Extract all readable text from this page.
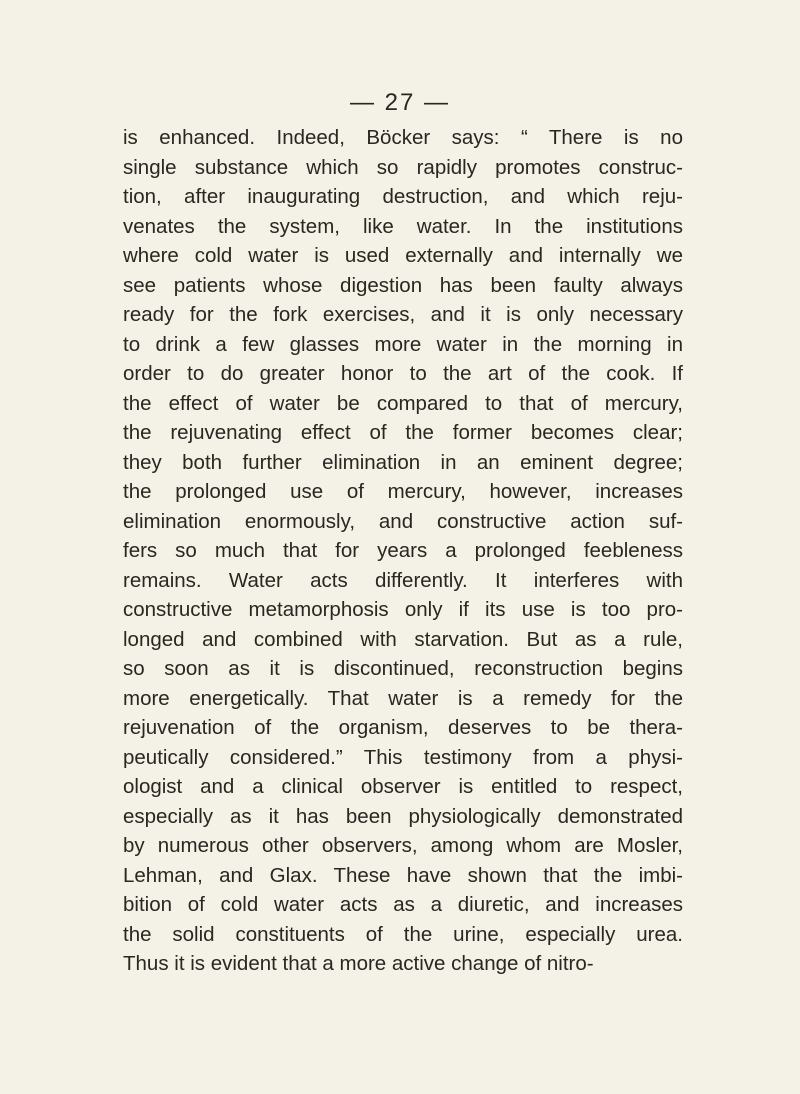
— 27 —
is enhanced. Indeed, Böcker says: “ There is no
single substance which so rapidly promotes construc-
tion, after inaugurating destruction, and which reju-
venates the system, like water. In the institutions
where cold water is used externally and internally we
see patients whose digestion has been faulty always
ready for the fork exercises, and it is only necessary
to drink a few glasses more water in the morning in
order to do greater honor to the art of the cook. If
the effect of water be compared to that of mercury,
the rejuvenating effect of the former becomes clear;
they both further elimination in an eminent degree;
the prolonged use of mercury, however, increases
elimination enormously, and constructive action suf-
fers so much that for years a prolonged feebleness
remains. Water acts differently. It interferes with
constructive metamorphosis only if its use is too pro-
longed and combined with starvation. But as a rule,
so soon as it is discontinued, reconstruction begins
more energetically. That water is a remedy for the
rejuvenation of the organism, deserves to be thera-
peutically considered.” This testimony from a physi-
ologist and a clinical observer is entitled to respect,
especially as it has been physiologically demonstrated
by numerous other observers, among whom are Mosler,
Lehman, and Glax. These have shown that the imbi-
bition of cold water acts as a diuretic, and increases
the solid constituents of the urine, especially urea.
Thus it is evident that a more active change of nitro-
